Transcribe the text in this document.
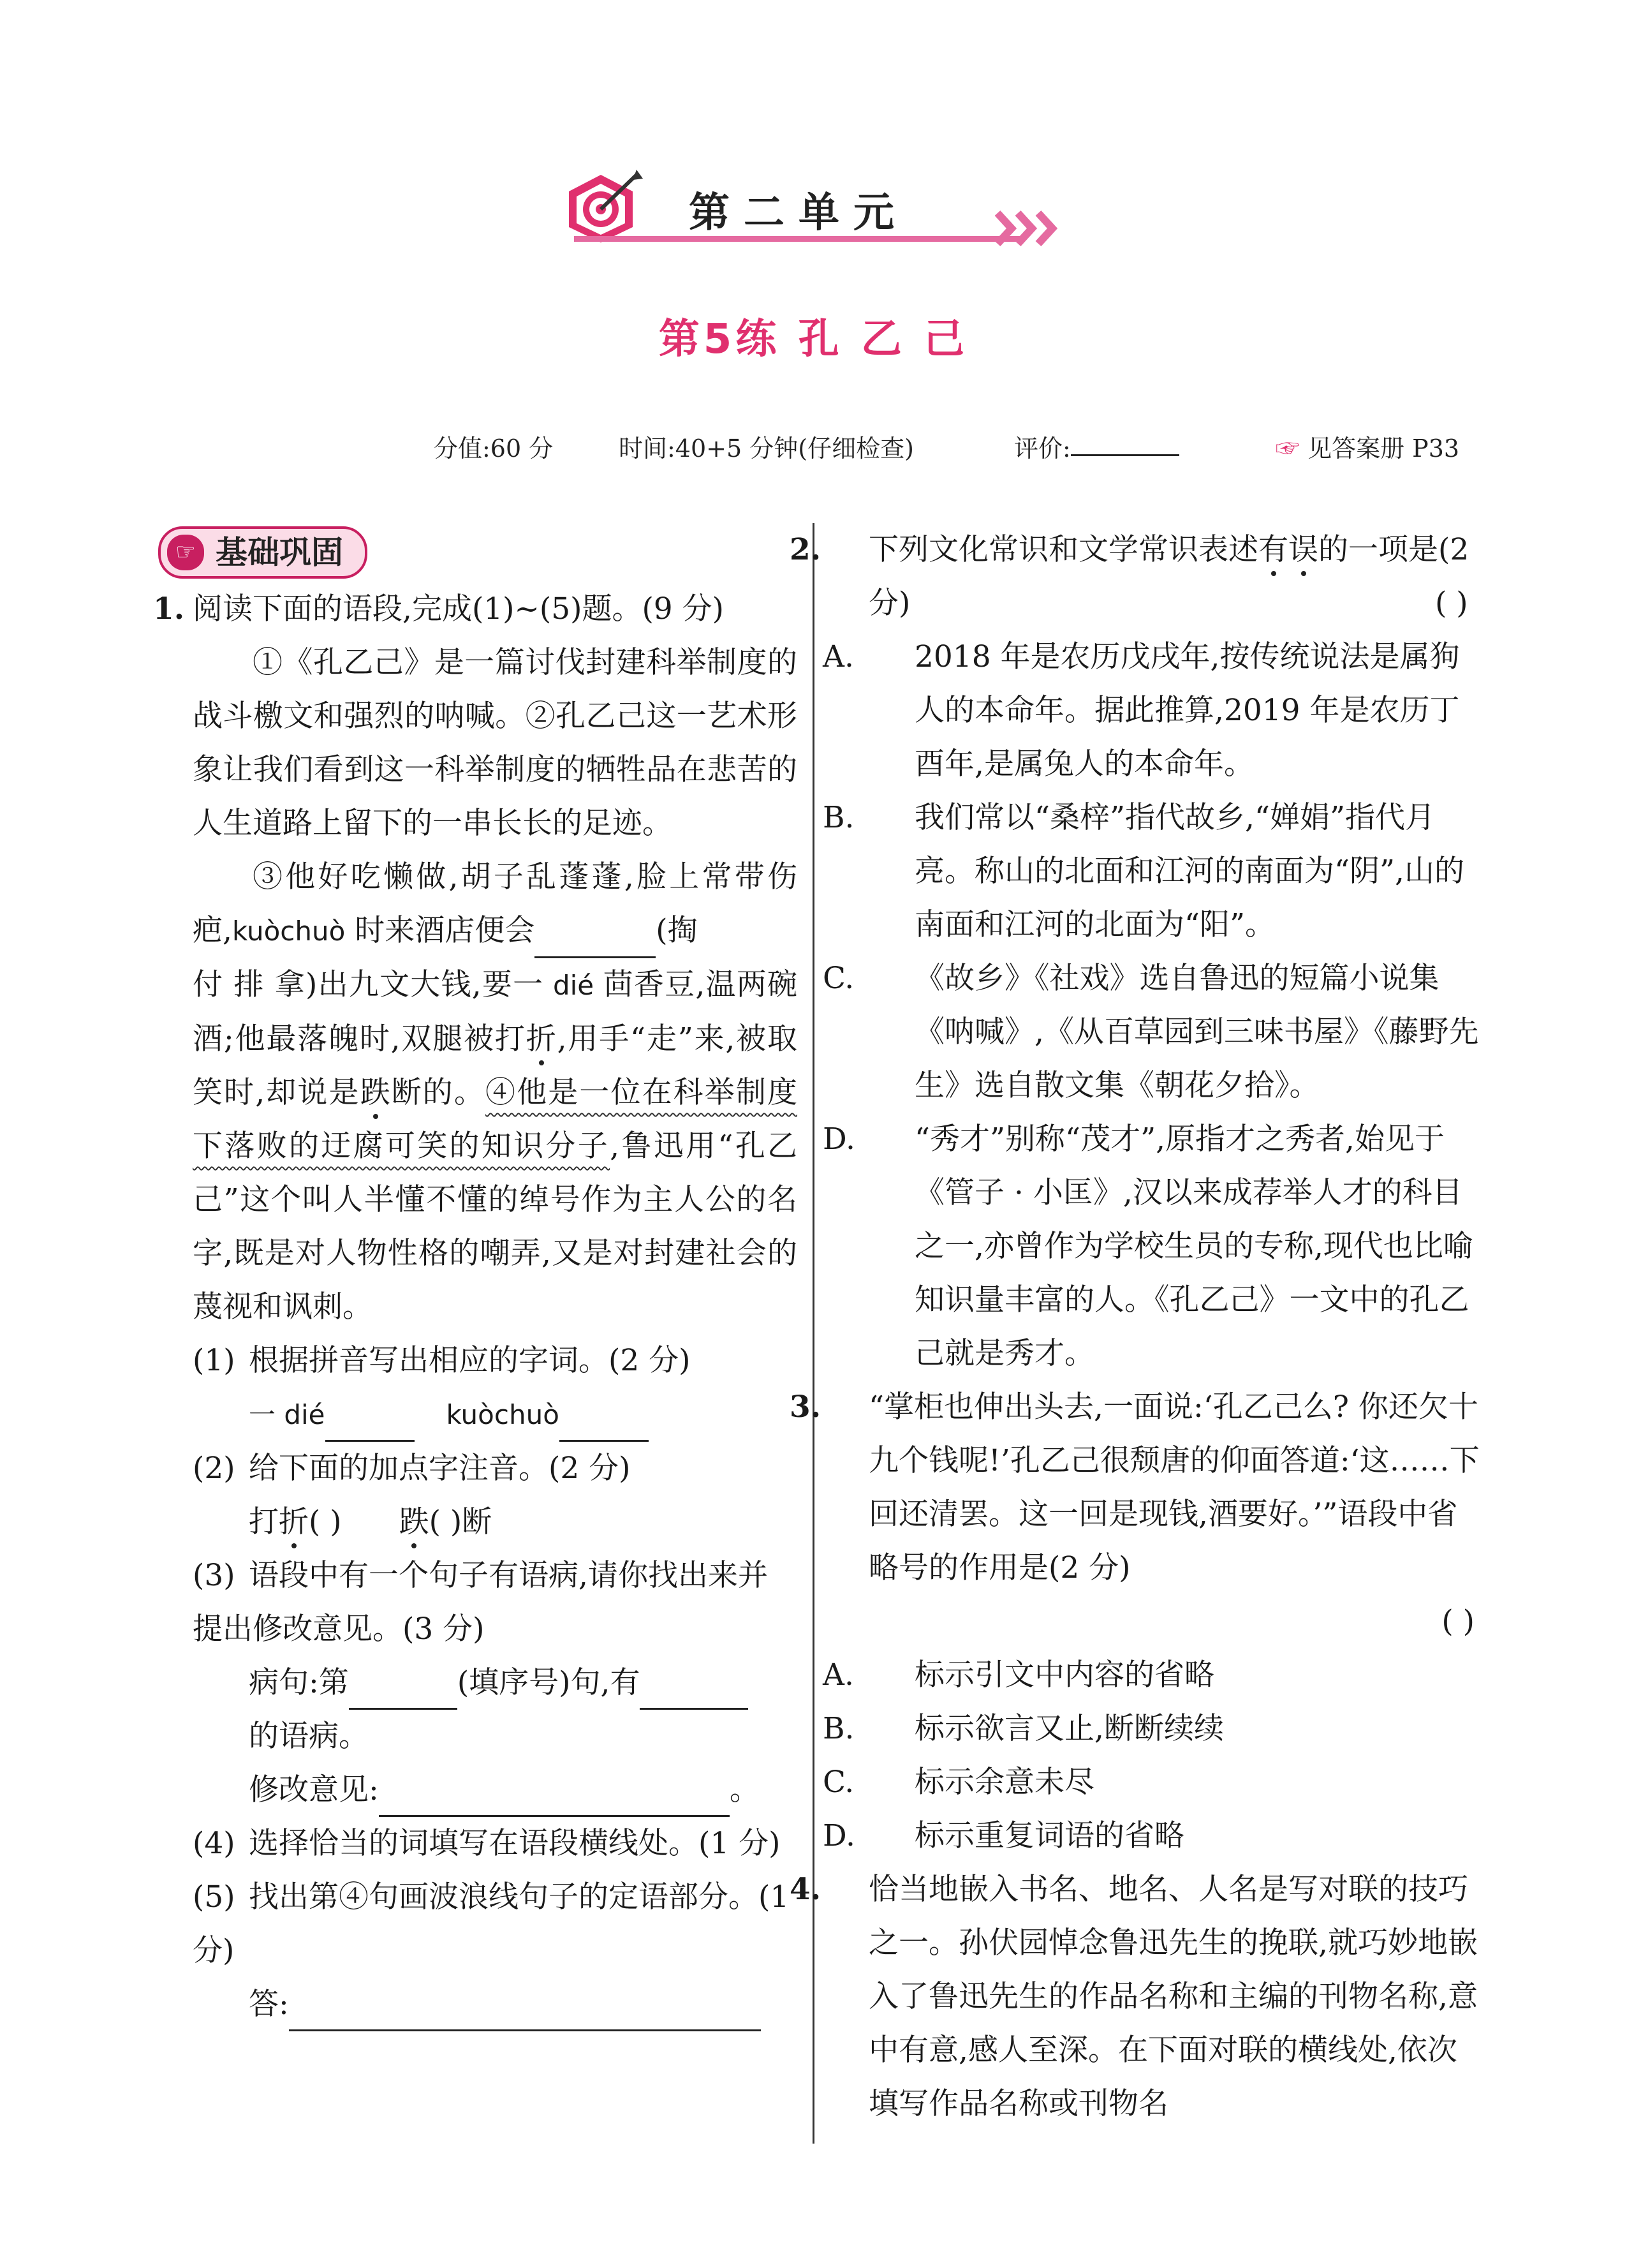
第二单元
第5练 孔 乙 己
分值:60 分	时间:40+5 分钟(仔细检查)	评价:	☞ 见答案册 P33
☞ 基础巩固

1. 阅读下面的语段,完成(1)~(5)题。(9 分)

①《孔乙己》是一篇讨伐封建科举制度的战斗檄文和强烈的呐喊。②孔乙己这一艺术形象让我们看到这一科举制度的牺牲品在悲苦的人生道路上留下的一串长长的足迹。

③他好吃懒做,胡子乱蓬蓬,脸上常带伤疤,kuòchuò 时来酒店便会	(掏
付 排 拿)出九文大钱,要一 dié 茴香豆,温两碗酒;他最落魄时,双腿被打折,用手“走”来,被取笑时,却说是跌断的。④他是一位在科举制度下落败的迂腐可笑的知识分子,鲁迅用“孔乙己”这个叫人半懂不懂的绰号作为主人公的名字,既是对人物性格的嘲弄,又是对封建社会的蔑视和讽刺。

(1) 根据拼音写出相应的字词。(2 分)

一 dié	kuòchuò

(2) 给下面的加点字注音。(2 分)

打折( ) 跌( )断

(3) 语段中有一个句子有语病,请你找出来并提出修改意见。(3 分)

病句:第	(填序号)句,有
的语病。

修改意见:	。

(4) 选择恰当的词填写在语段横线处。(1 分)

(5) 找出第④句画波浪线句子的定语部分。(1 分)

答:

2. 下列文化常识和文学常识表述有误的一项是(2 分)	( )

A. 2018 年是农历戊戌年,按传统说法是属狗人的本命年。据此推算,2019 年是农历丁酉年,是属兔人的本命年。

B. 我们常以“桑梓”指代故乡,“婵娟”指代月亮。称山的北面和江河的南面为“阴”,山的南面和江河的北面为“阳”。

C. 《故乡》《社戏》选自鲁迅的短篇小说集《呐喊》,《从百草园到三味书屋》《藤野先生》选自散文集《朝花夕拾》。

D. “秀才”别称“茂才”,原指才之秀者,始见于《管子 · 小匡》,汉以来成荐举人才的科目之一,亦曾作为学校生员的专称,现代也比喻知识量丰富的人。《孔乙己》一文中的孔乙己就是秀才。

3. “掌柜也伸出头去,一面说:‘孔乙己么? 你还欠十九个钱呢!’孔乙己很颓唐的仰面答道:‘这……下回还清罢。这一回是现钱,酒要好。’”语段中省略号的作用是(2 分)

( )

A. 标示引文中内容的省略

B. 标示欲言又止,断断续续

C. 标示余意未尽

D. 标示重复词语的省略

4. 恰当地嵌入书名、地名、人名是写对联的技巧之一。孙伏园悼念鲁迅先生的挽联,就巧妙地嵌入了鲁迅先生的作品名称和主编的刊物名称,意中有意,感人至深。在下面对联的横线处,依次填写作品名称或刊物名
